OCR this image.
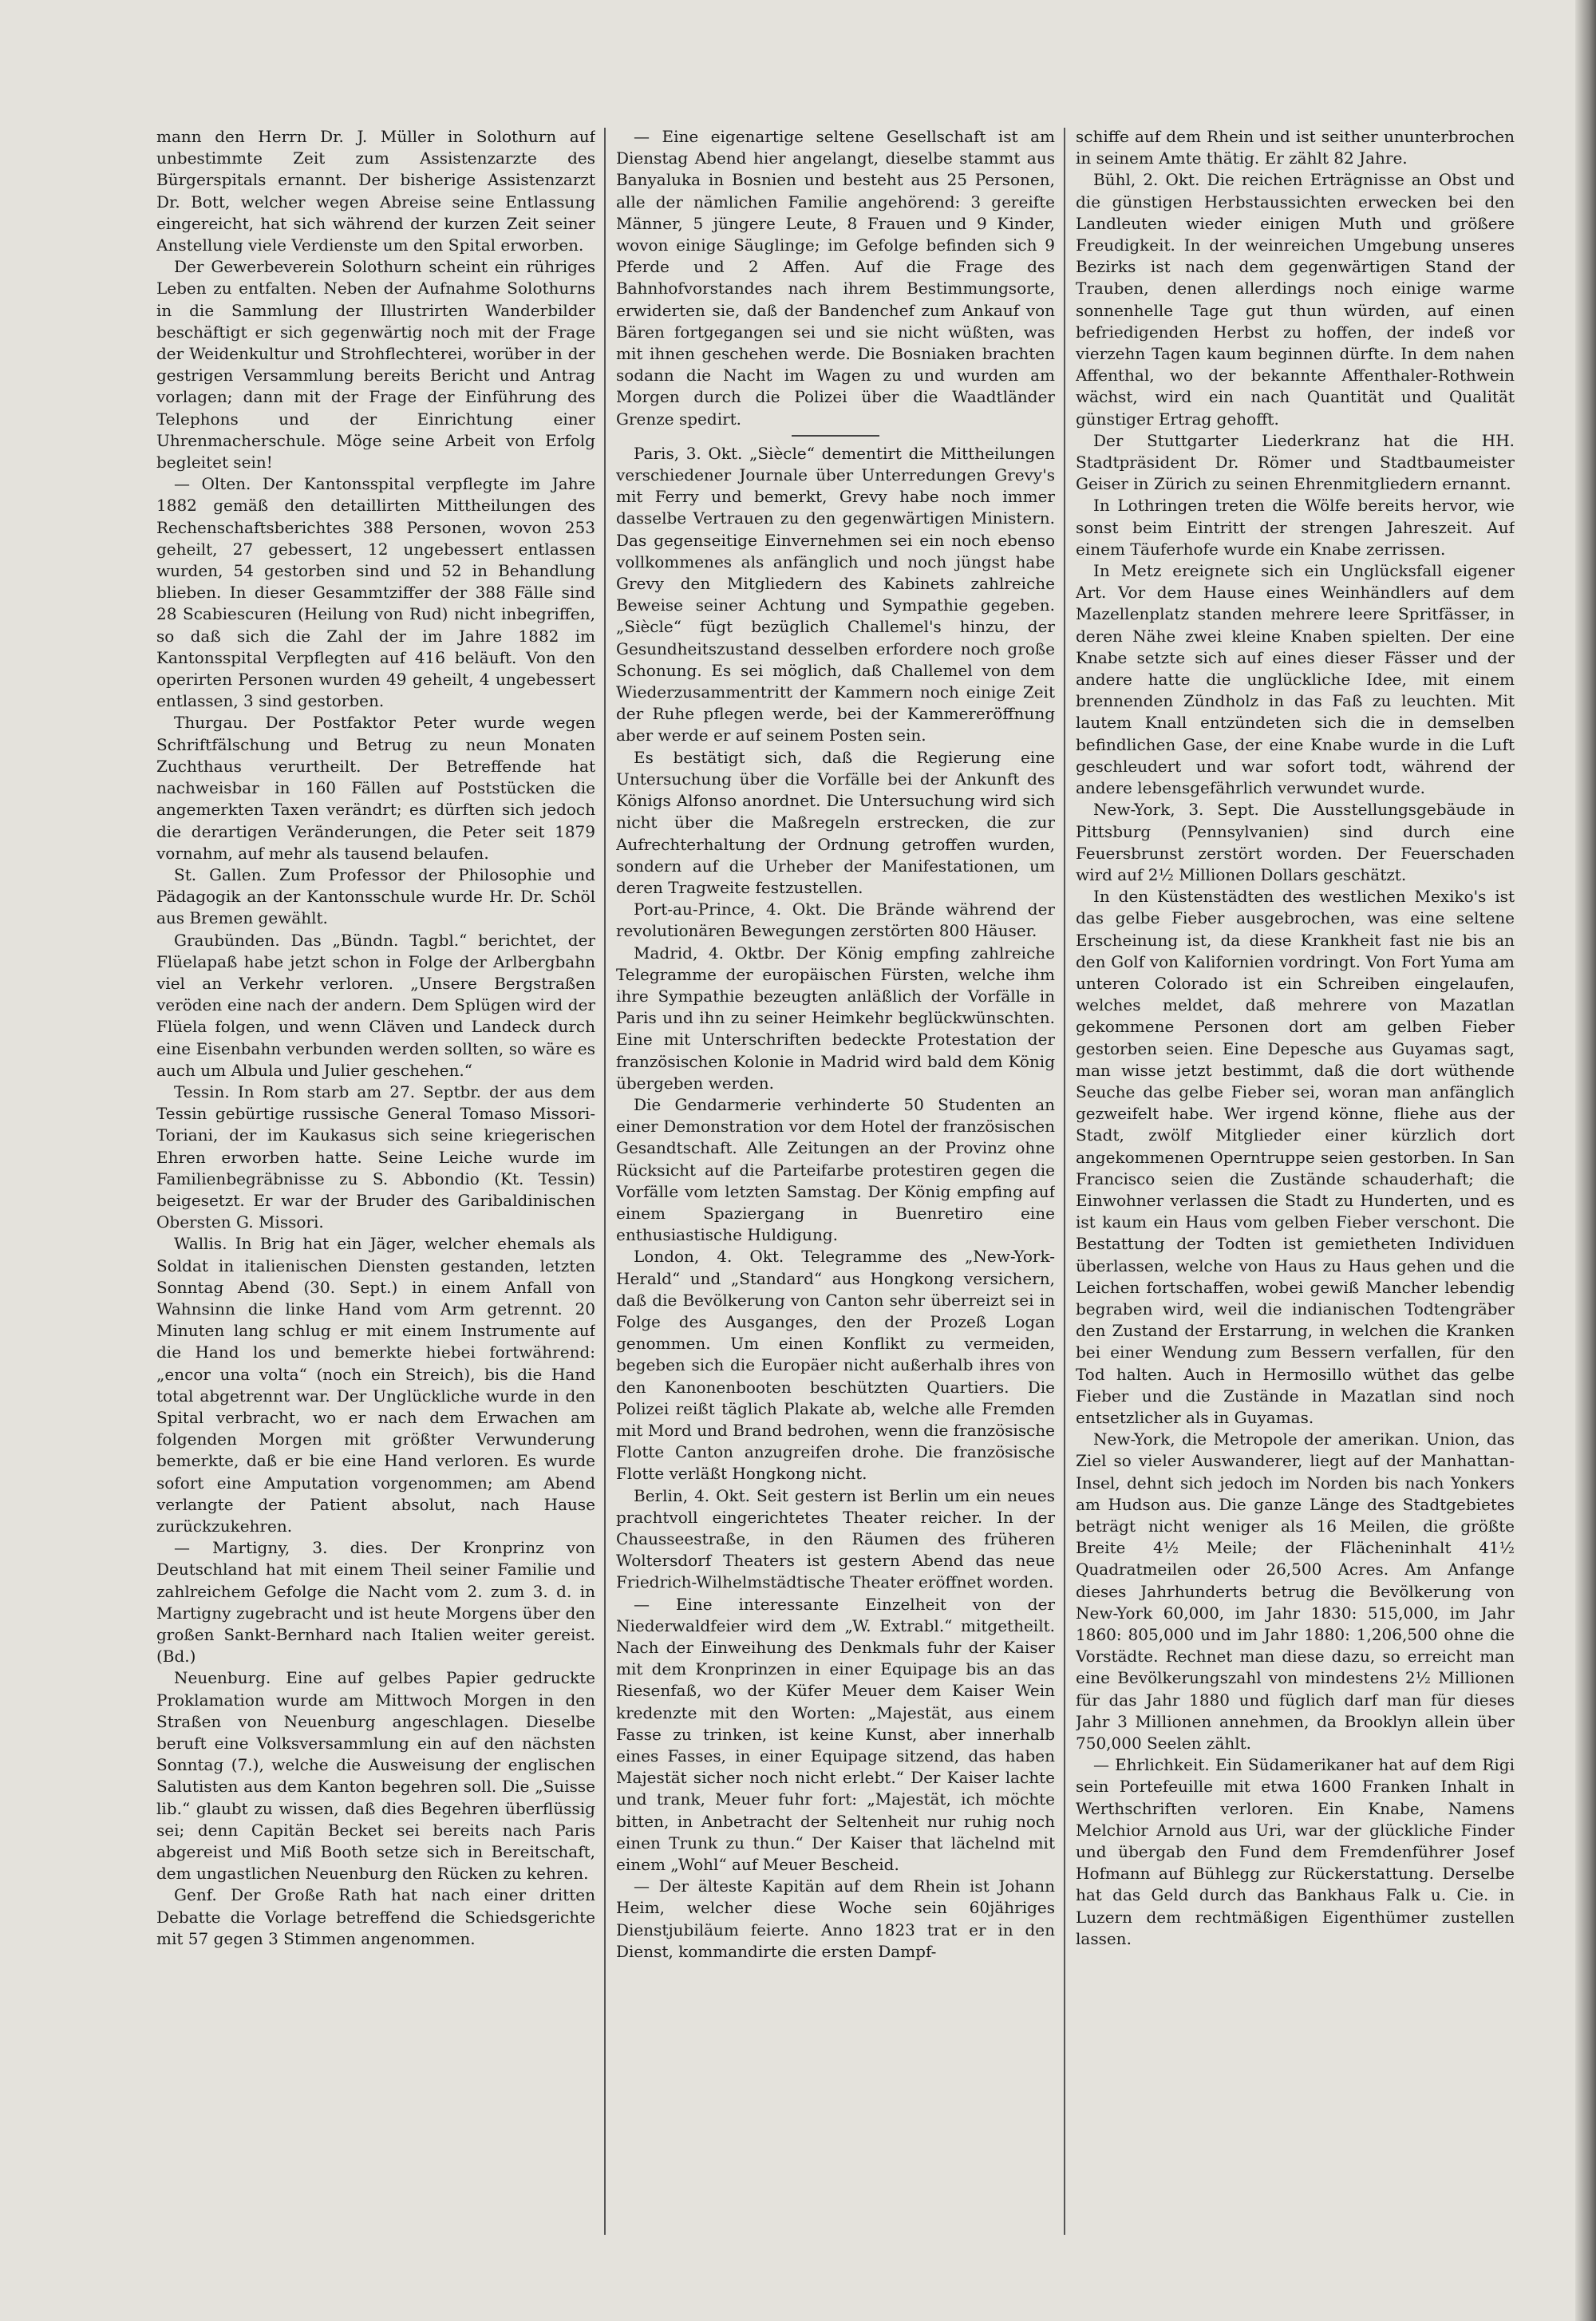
mann den Herrn Dr. J. Müller in Solothurn auf unbestimmte Zeit zum Assistenzarzte des Bürgerspitals ernannt. Der bisherige Assistenzarzt Dr. Bott, welcher wegen Abreise seine Entlassung eingereicht, hat sich während der kurzen Zeit seiner Anstellung viele Verdienste um den Spital erworben.

Der Gewerbeverein Solothurn scheint ein rühriges Leben zu entfalten. Neben der Aufnahme Solothurns in die Sammlung der Illustrirten Wanderbilder beschäftigt er sich gegenwärtig noch mit der Frage der Weidenkultur und Strohflechterei, worüber in der gestrigen Versammlung bereits Bericht und Antrag vorlagen; dann mit der Frage der Einführung des Telephons und der Einrichtung einer Uhrenmacherschule. Möge seine Arbeit von Erfolg begleitet sein!

— Olten. Der Kantonsspital verpflegte im Jahre 1882 gemäß den detaillirten Mittheilungen des Rechenschaftsberichtes 388 Personen, wovon 253 geheilt, 27 gebessert, 12 ungebessert entlassen wurden, 54 gestorben sind und 52 in Behandlung blieben. In dieser Gesammtziffer der 388 Fälle sind 28 Scabiescuren (Heilung von Rud) nicht inbegriffen, so daß sich die Zahl der im Jahre 1882 im Kantonsspital Verpflegten auf 416 beläuft. Von den operirten Personen wurden 49 geheilt, 4 ungebessert entlassen, 3 sind gestorben.

Thurgau. Der Postfaktor Peter wurde wegen Schriftfälschung und Betrug zu neun Monaten Zuchthaus verurtheilt. Der Betreffende hat nachweisbar in 160 Fällen auf Poststücken die angemerkten Taxen verändrt; es dürften sich jedoch die derartigen Veränderungen, die Peter seit 1879 vornahm, auf mehr als tausend belaufen.

St. Gallen. Zum Professor der Philosophie und Pädagogik an der Kantonsschule wurde Hr. Dr. Schöl aus Bremen gewählt.

Graubünden. Das „Bündn. Tagbl.“ berichtet, der Flüelapaß habe jetzt schon in Folge der Arlbergbahn viel an Verkehr verloren. „Unsere Bergstraßen veröden eine nach der andern. Dem Splügen wird der Flüela folgen, und wenn Cläven und Landeck durch eine Eisenbahn verbunden werden sollten, so wäre es auch um Albula und Julier geschehen.“

Tessin. In Rom starb am 27. Septbr. der aus dem Tessin gebürtige russische General Tomaso Missori-Toriani, der im Kaukasus sich seine kriegerischen Ehren erworben hatte. Seine Leiche wurde im Familienbegräbnisse zu S. Abbondio (Kt. Tessin) beigesetzt. Er war der Bruder des Garibaldinischen Obersten G. Missori.

Wallis. In Brig hat ein Jäger, welcher ehemals als Soldat in italienischen Diensten gestanden, letzten Sonntag Abend (30. Sept.) in einem Anfall von Wahnsinn die linke Hand vom Arm getrennt. 20 Minuten lang schlug er mit einem Instrumente auf die Hand los und bemerkte hiebei fortwährend: „encor una volta“ (noch ein Streich), bis die Hand total abgetrennt war. Der Unglückliche wurde in den Spital verbracht, wo er nach dem Erwachen am folgenden Morgen mit größter Verwunderung bemerkte, daß er bie eine Hand verloren. Es wurde sofort eine Amputation vorgenommen; am Abend verlangte der Patient absolut, nach Hause zurückzukehren.

— Martigny, 3. dies. Der Kronprinz von Deutschland hat mit einem Theil seiner Familie und zahlreichem Gefolge die Nacht vom 2. zum 3. d. in Martigny zugebracht und ist heute Morgens über den großen Sankt-Bernhard nach Italien weiter gereist. (Bd.)

Neuenburg. Eine auf gelbes Papier gedruckte Proklamation wurde am Mittwoch Morgen in den Straßen von Neuenburg angeschlagen. Dieselbe beruft eine Volksversammlung ein auf den nächsten Sonntag (7.), welche die Ausweisung der englischen Salutisten aus dem Kanton begehren soll. Die „Suisse lib.“ glaubt zu wissen, daß dies Begehren überflüssig sei; denn Capitän Becket sei bereits nach Paris abgereist und Miß Booth setze sich in Bereitschaft, dem ungastlichen Neuenburg den Rücken zu kehren.

Genf. Der Große Rath hat nach einer dritten Debatte die Vorlage betreffend die Schiedsgerichte mit 57 gegen 3 Stimmen angenommen.

— Eine eigenartige seltene Gesellschaft ist am Dienstag Abend hier angelangt, dieselbe stammt aus Banyaluka in Bosnien und besteht aus 25 Personen, alle der nämlichen Familie angehörend: 3 gereifte Männer, 5 jüngere Leute, 8 Frauen und 9 Kinder, wovon einige Säuglinge; im Gefolge befinden sich 9 Pferde und 2 Affen. Auf die Frage des Bahnhofvorstandes nach ihrem Bestimmungsorte, erwiderten sie, daß der Bandenchef zum Ankauf von Bären fortgegangen sei und sie nicht wüßten, was mit ihnen geschehen werde. Die Bosniaken brachten sodann die Nacht im Wagen zu und wurden am Morgen durch die Polizei über die Waadtländer Grenze spedirt.

Paris, 3. Okt. „Siècle“ dementirt die Mittheilungen verschiedener Journale über Unterredungen Grevy's mit Ferry und bemerkt, Grevy habe noch immer dasselbe Vertrauen zu den gegenwärtigen Ministern. Das gegenseitige Einvernehmen sei ein noch ebenso vollkommenes als anfänglich und noch jüngst habe Grevy den Mitgliedern des Kabinets zahlreiche Beweise seiner Achtung und Sympathie gegeben. „Siècle“ fügt bezüglich Challemel's hinzu, der Gesundheitszustand desselben erfordere noch große Schonung. Es sei möglich, daß Challemel von dem Wiederzusammentritt der Kammern noch einige Zeit der Ruhe pflegen werde, bei der Kammereröffnung aber werde er auf seinem Posten sein.

Es bestätigt sich, daß die Regierung eine Untersuchung über die Vorfälle bei der Ankunft des Königs Alfonso anordnet. Die Untersuchung wird sich nicht über die Maßregeln erstrecken, die zur Aufrechterhaltung der Ordnung getroffen wurden, sondern auf die Urheber der Manifestationen, um deren Tragweite festzustellen.

Port-au-Prince, 4. Okt. Die Brände während der revolutionären Bewegungen zerstörten 800 Häuser.

Madrid, 4. Oktbr. Der König empfing zahlreiche Telegramme der europäischen Fürsten, welche ihm ihre Sympathie bezeugten anläßlich der Vorfälle in Paris und ihn zu seiner Heimkehr beglückwünschten. Eine mit Unterschriften bedeckte Protestation der französischen Kolonie in Madrid wird bald dem König übergeben werden.

Die Gendarmerie verhinderte 50 Studenten an einer Demonstration vor dem Hotel der französischen Gesandtschaft. Alle Zeitungen an der Provinz ohne Rücksicht auf die Parteifarbe protestiren gegen die Vorfälle vom letzten Samstag. Der König empfing auf einem Spaziergang in Buenretiro eine enthusiastische Huldigung.

London, 4. Okt. Telegramme des „New-York-Herald“ und „Standard“ aus Hongkong versichern, daß die Bevölkerung von Canton sehr überreizt sei in Folge des Ausganges, den der Prozeß Logan genommen. Um einen Konflikt zu vermeiden, begeben sich die Europäer nicht außerhalb ihres von den Kanonenbooten beschützten Quartiers. Die Polizei reißt täglich Plakate ab, welche alle Fremden mit Mord und Brand bedrohen, wenn die französische Flotte Canton anzugreifen drohe. Die französische Flotte verläßt Hongkong nicht.

Berlin, 4. Okt. Seit gestern ist Berlin um ein neues prachtvoll eingerichtetes Theater reicher. In der Chausseestraße, in den Räumen des früheren Woltersdorf Theaters ist gestern Abend das neue Friedrich-Wilhelmstädtische Theater eröffnet worden.

— Eine interessante Einzelheit von der Niederwaldfeier wird dem „W. Extrabl.“ mitgetheilt. Nach der Einweihung des Denkmals fuhr der Kaiser mit dem Kronprinzen in einer Equipage bis an das Riesenfaß, wo der Küfer Meuer dem Kaiser Wein kredenzte mit den Worten: „Majestät, aus einem Fasse zu trinken, ist keine Kunst, aber innerhalb eines Fasses, in einer Equipage sitzend, das haben Majestät sicher noch nicht erlebt.“ Der Kaiser lachte und trank, Meuer fuhr fort: „Majestät, ich möchte bitten, in Anbetracht der Seltenheit nur ruhig noch einen Trunk zu thun.“ Der Kaiser that lächelnd mit einem „Wohl“ auf Meuer Bescheid.

— Der älteste Kapitän auf dem Rhein ist Johann Heim, welcher diese Woche sein 60jähriges Dienstjubiläum feierte. Anno 1823 trat er in den Dienst, kommandirte die ersten Dampf-

schiffe auf dem Rhein und ist seither ununterbrochen in seinem Amte thätig. Er zählt 82 Jahre.

Bühl, 2. Okt. Die reichen Erträgnisse an Obst und die günstigen Herbstaussichten erwecken bei den Landleuten wieder einigen Muth und größere Freudigkeit. In der weinreichen Umgebung unseres Bezirks ist nach dem gegenwärtigen Stand der Trauben, denen allerdings noch einige warme sonnenhelle Tage gut thun würden, auf einen befriedigenden Herbst zu hoffen, der indeß vor vierzehn Tagen kaum beginnen dürfte. In dem nahen Affenthal, wo der bekannte Affenthaler-Rothwein wächst, wird ein nach Quantität und Qualität günstiger Ertrag gehofft.

Der Stuttgarter Liederkranz hat die HH. Stadtpräsident Dr. Römer und Stadtbaumeister Geiser in Zürich zu seinen Ehrenmitgliedern ernannt.

In Lothringen treten die Wölfe bereits hervor, wie sonst beim Eintritt der strengen Jahreszeit. Auf einem Täuferhofe wurde ein Knabe zerrissen.

In Metz ereignete sich ein Unglücksfall eigener Art. Vor dem Hause eines Weinhändlers auf dem Mazellenplatz standen mehrere leere Spritfässer, in deren Nähe zwei kleine Knaben spielten. Der eine Knabe setzte sich auf eines dieser Fässer und der andere hatte die unglückliche Idee, mit einem brennenden Zündholz in das Faß zu leuchten. Mit lautem Knall entzündeten sich die in demselben befindlichen Gase, der eine Knabe wurde in die Luft geschleudert und war sofort todt, während der andere lebensgefährlich verwundet wurde.

New-York, 3. Sept. Die Ausstellungsgebäude in Pittsburg (Pennsylvanien) sind durch eine Feuersbrunst zerstört worden. Der Feuerschaden wird auf 2½ Millionen Dollars geschätzt.

In den Küstenstädten des westlichen Mexiko's ist das gelbe Fieber ausgebrochen, was eine seltene Erscheinung ist, da diese Krankheit fast nie bis an den Golf von Kalifornien vordringt. Von Fort Yuma am unteren Colorado ist ein Schreiben eingelaufen, welches meldet, daß mehrere von Mazatlan gekommene Personen dort am gelben Fieber gestorben seien. Eine Depesche aus Guyamas sagt, man wisse jetzt bestimmt, daß die dort wüthende Seuche das gelbe Fieber sei, woran man anfänglich gezweifelt habe. Wer irgend könne, fliehe aus der Stadt, zwölf Mitglieder einer kürzlich dort angekommenen Operntruppe seien gestorben. In San Francisco seien die Zustände schauderhaft; die Einwohner verlassen die Stadt zu Hunderten, und es ist kaum ein Haus vom gelben Fieber verschont. Die Bestattung der Todten ist gemietheten Individuen überlassen, welche von Haus zu Haus gehen und die Leichen fortschaffen, wobei gewiß Mancher lebendig begraben wird, weil die indianischen Todtengräber den Zustand der Erstarrung, in welchen die Kranken bei einer Wendung zum Bessern verfallen, für den Tod halten. Auch in Hermosillo wüthet das gelbe Fieber und die Zustände in Mazatlan sind noch entsetzlicher als in Guyamas.

New-York, die Metropole der amerikan. Union, das Ziel so vieler Auswanderer, liegt auf der Manhattan-Insel, dehnt sich jedoch im Norden bis nach Yonkers am Hudson aus. Die ganze Länge des Stadtgebietes beträgt nicht weniger als 16 Meilen, die größte Breite 4½ Meile; der Flächeninhalt 41½ Quadratmeilen oder 26,500 Acres. Am Anfange dieses Jahrhunderts betrug die Bevölkerung von New-York 60,000, im Jahr 1830: 515,000, im Jahr 1860: 805,000 und im Jahr 1880: 1,206,500 ohne die Vorstädte. Rechnet man diese dazu, so erreicht man eine Bevölkerungszahl von mindestens 2½ Millionen für das Jahr 1880 und füglich darf man für dieses Jahr 3 Millionen annehmen, da Brooklyn allein über 750,000 Seelen zählt.

— Ehrlichkeit. Ein Südamerikaner hat auf dem Rigi sein Portefeuille mit etwa 1600 Franken Inhalt in Werthschriften verloren. Ein Knabe, Namens Melchior Arnold aus Uri, war der glückliche Finder und übergab den Fund dem Fremdenführer Josef Hofmann auf Bühlegg zur Rückerstattung. Derselbe hat das Geld durch das Bankhaus Falk u. Cie. in Luzern dem rechtmäßigen Eigenthümer zustellen lassen.
